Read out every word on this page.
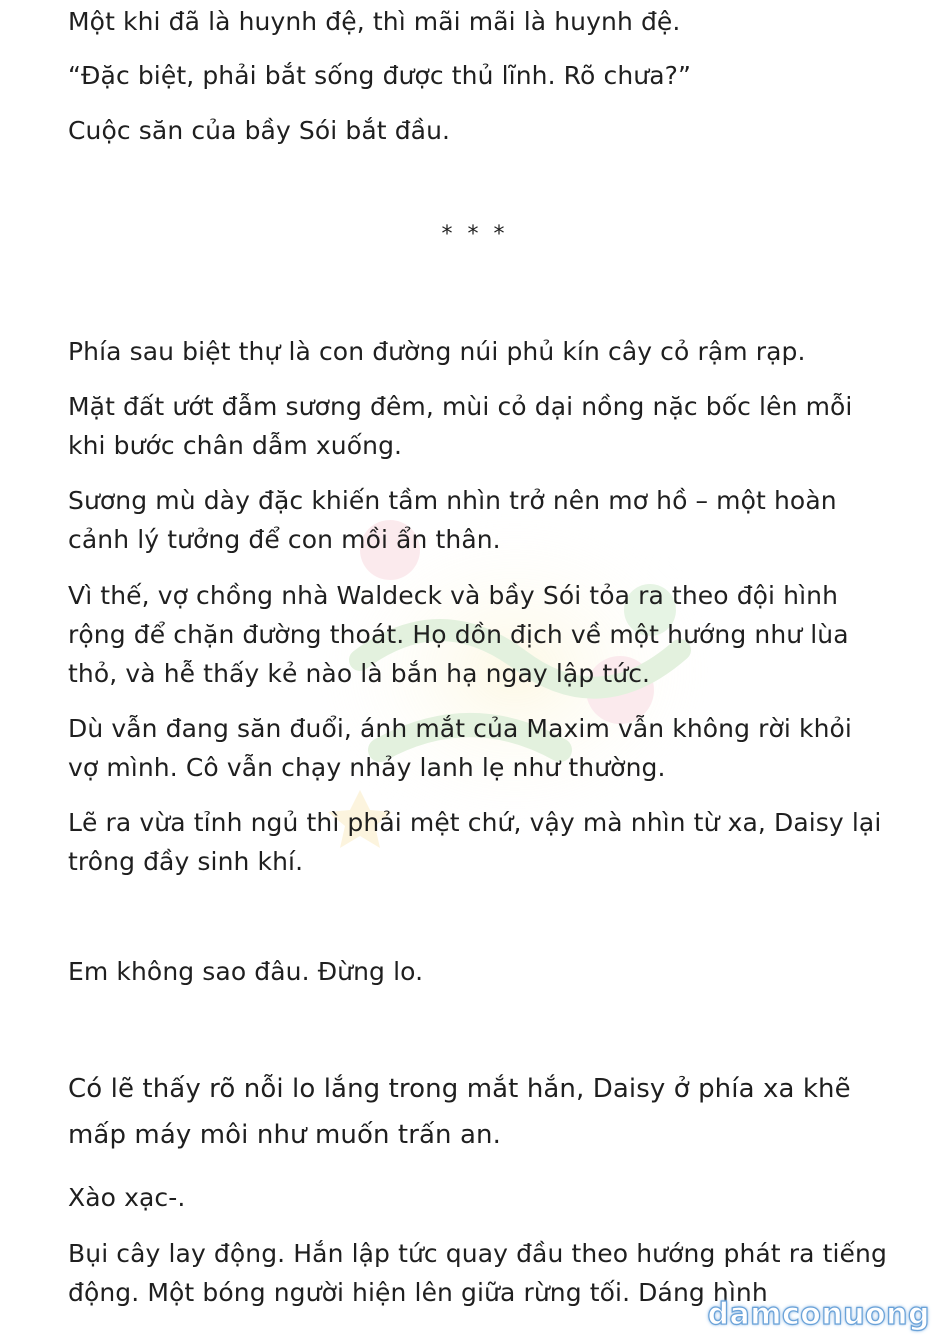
Một khi đã là huynh đệ, thì mãi mãi là huynh đệ.

“Đặc biệt, phải bắt sống được thủ lĩnh. Rõ chưa?”

Cuộc săn của bầy Sói bắt đầu.

* * *

Phía sau biệt thự là con đường núi phủ kín cây cỏ rậm rạp.

Mặt đất ướt đẫm sương đêm, mùi cỏ dại nồng nặc bốc lên mỗi khi bước chân dẫm xuống.

Sương mù dày đặc khiến tầm nhìn trở nên mơ hồ – một hoàn cảnh lý tưởng để con mồi ẩn thân.

Vì thế, vợ chồng nhà Waldeck và bầy Sói tỏa ra theo đội hình rộng để chặn đường thoát. Họ dồn địch về một hướng như lùa thỏ, và hễ thấy kẻ nào là bắn hạ ngay lập tức.

Dù vẫn đang săn đuổi, ánh mắt của Maxim vẫn không rời khỏi vợ mình. Cô vẫn chạy nhảy lanh lẹ như thường.

Lẽ ra vừa tỉnh ngủ thì phải mệt chứ, vậy mà nhìn từ xa, Daisy lại trông đầy sinh khí.

Em không sao đâu. Đừng lo.

Có lẽ thấy rõ nỗi lo lắng trong mắt hắn, Daisy ở phía xa khẽ mấp máy môi như muốn trấn an.

Xào xạc-.

Bụi cây lay động. Hắn lập tức quay đầu theo hướng phát ra tiếng động. Một bóng người hiện lên giữa rừng tối. Dáng hình

damconuong
